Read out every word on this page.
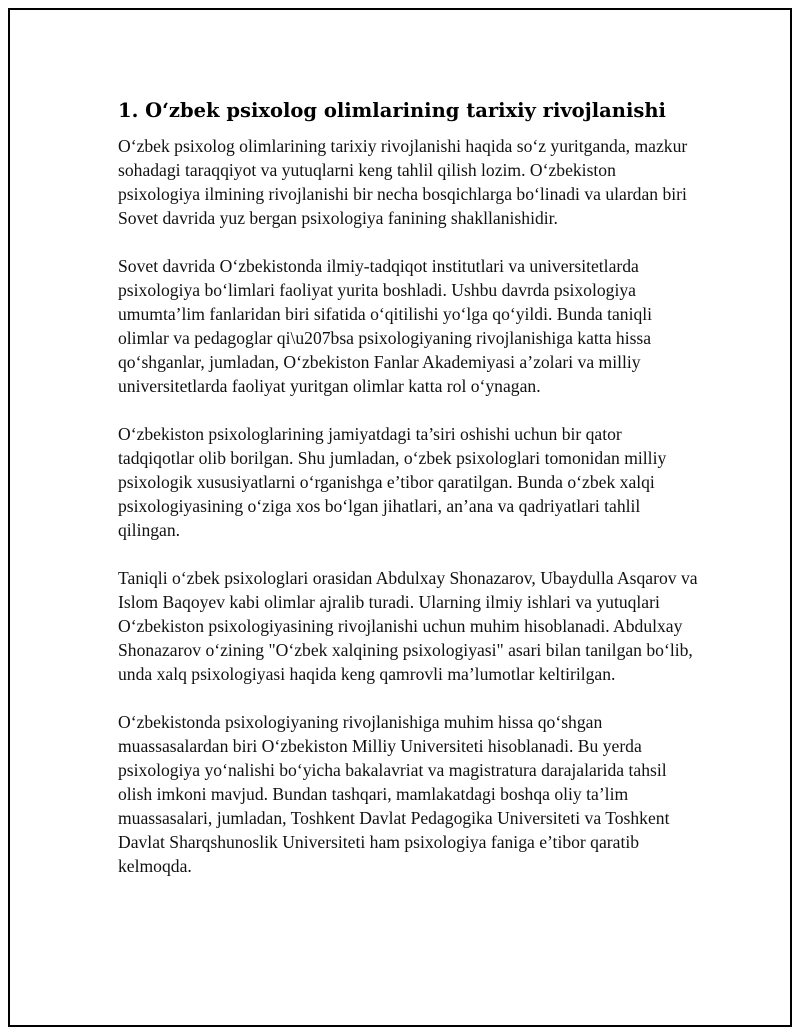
1. O‘zbek psixolog olimlarining tarixiy rivojlanishi

O‘zbek psixolog olimlarining tarixiy rivojlanishi haqida so‘z yuritganda, mazkur sohadagi taraqqiyot va yutuqlarni keng tahlil qilish lozim. O‘zbekiston psixologiya ilmining rivojlanishi bir necha bosqichlarga bo‘linadi va ulardan biri Sovet davrida yuz bergan psixologiya fanining shakllanishidir.

Sovet davrida O‘zbekistonda ilmiy-tadqiqot institutlari va universitetlarda psixologiya bo‘limlari faoliyat yurita boshladi. Ushbu davrda psixologiya umumta’lim fanlaridan biri sifatida o‘qitilishi yo‘lga qo‘yildi. Bunda taniqli olimlar va pedagoglar qi\u207bsa psixologiyaning rivojlanishiga katta hissa qo‘shganlar, jumladan, O‘zbekiston Fanlar Akademiyasi a’zolari va milliy universitetlarda faoliyat yuritgan olimlar katta rol o‘ynagan.

O‘zbekiston psixologlarining jamiyatdagi ta’siri oshishi uchun bir qator tadqiqotlar olib borilgan. Shu jumladan, o‘zbek psixologlari tomonidan milliy psixologik xususiyatlarni o‘rganishga e’tibor qaratilgan. Bunda o‘zbek xalqi psixologiyasining o‘ziga xos bo‘lgan jihatlari, an’ana va qadriyatlari tahlil qilingan.

Taniqli o‘zbek psixologlari orasidan Abdulxay Shonazarov, Ubaydulla Asqarov va Islom Baqoyev kabi olimlar ajralib turadi. Ularning ilmiy ishlari va yutuqlari O‘zbekiston psixologiyasining rivojlanishi uchun muhim hisoblanadi. Abdulxay Shonazarov o‘zining "O‘zbek xalqining psixologiyasi" asari bilan tanilgan bo‘lib, unda xalq psixologiyasi haqida keng qamrovli ma’lumotlar keltirilgan.

O‘zbekistonda psixologiyaning rivojlanishiga muhim hissa qo‘shgan muassasalardan biri O‘zbekiston Milliy Universiteti hisoblanadi. Bu yerda psixologiya yo‘nalishi bo‘yicha bakalavriat va magistratura darajalarida tahsil olish imkoni mavjud. Bundan tashqari, mamlakatdagi boshqa oliy ta’lim muassasalari, jumladan, Toshkent Davlat Pedagogika Universiteti va Toshkent Davlat Sharqshunoslik Universiteti ham psixologiya faniga e’tibor qaratib kelmoqda.
